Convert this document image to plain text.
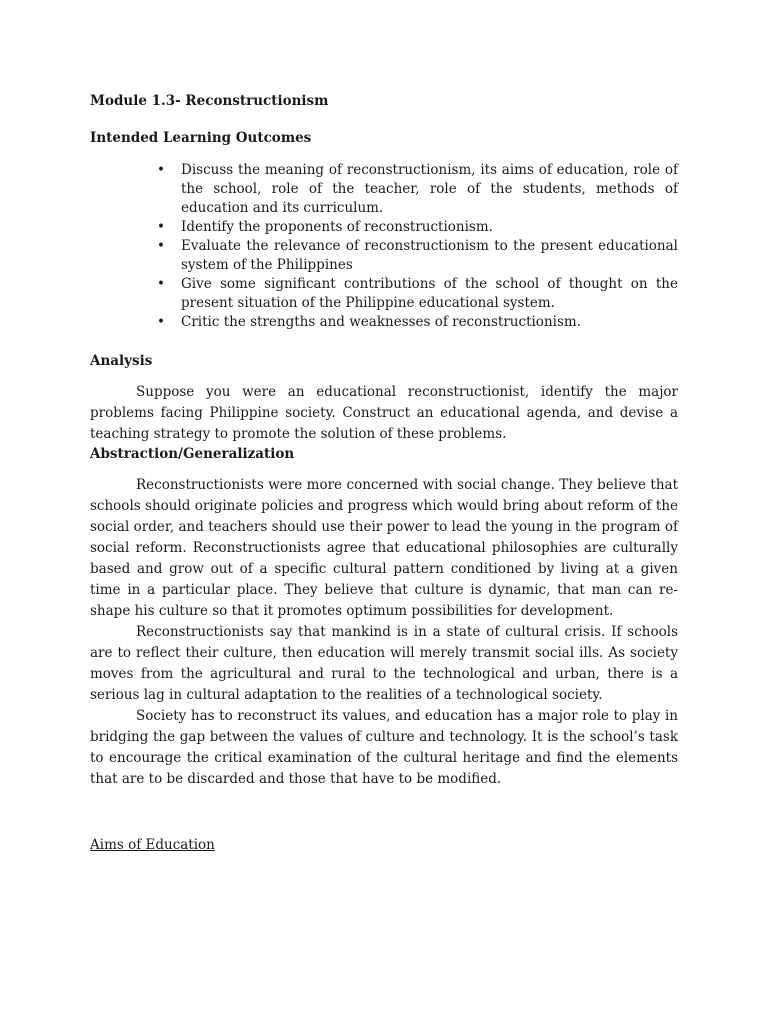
Module 1.3- Reconstructionism
Intended Learning Outcomes
• Discuss the meaning of reconstructionism, its aims of education, role of the school, role of the teacher, role of the students, methods of education and its curriculum.
• Identify the proponents of reconstructionism.
• Evaluate the relevance of reconstructionism to the present educational system of the Philippines
• Give some significant contributions of the school of thought on the present situation of the Philippine educational system.
• Critic the strengths and weaknesses of reconstructionism.
Analysis

Suppose you were an educational reconstructionist, identify the major problems facing Philippine society. Construct an educational agenda, and devise a teaching strategy to promote the solution of these problems.

Abstraction/Generalization

Reconstructionists were more concerned with social change. They believe that schools should originate policies and progress which would bring about reform of the social order, and teachers should use their power to lead the young in the program of social reform. Reconstructionists agree that educational philosophies are culturally based and grow out of a specific cultural pattern conditioned by living at a given time in a particular place. They believe that culture is dynamic, that man can re-shape his culture so that it promotes optimum possibilities for development.

Reconstructionists say that mankind is in a state of cultural crisis. If schools are to reflect their culture, then education will merely transmit social ills. As society moves from the agricultural and rural to the technological and urban, there is a serious lag in cultural adaptation to the realities of a technological society.

Society has to reconstruct its values, and education has a major role to play in bridging the gap between the values of culture and technology. It is the school’s task to encourage the critical examination of the cultural heritage and find the elements that are to be discarded and those that have to be modified.

Aims of Education
